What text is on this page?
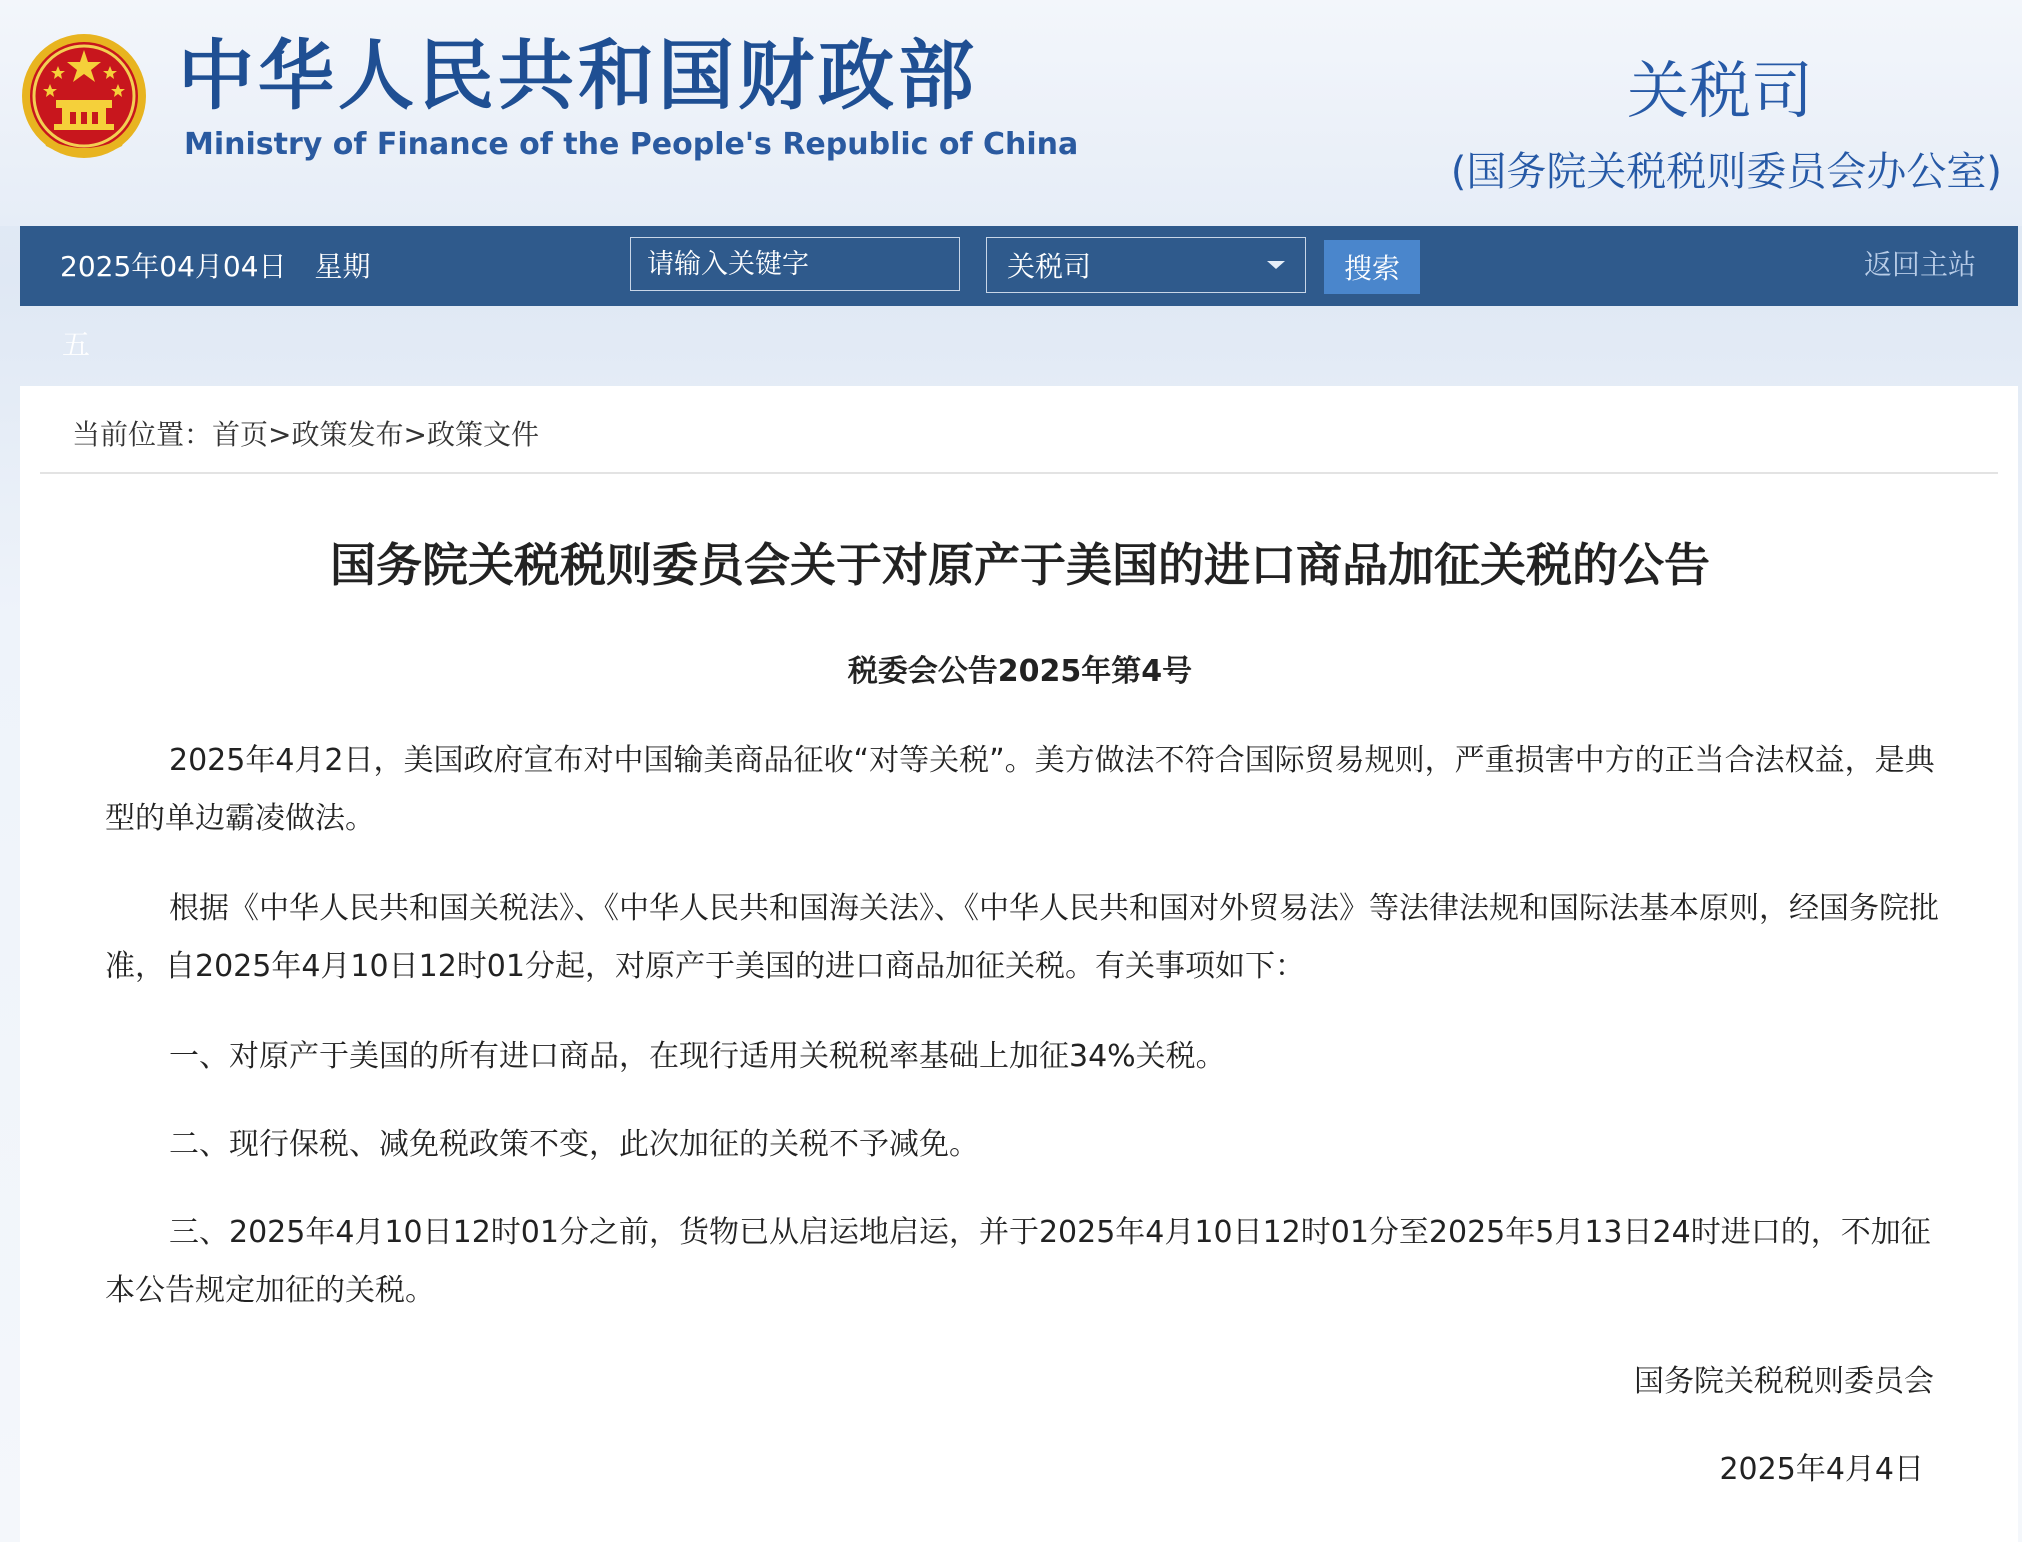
中华人民共和国财政部
Ministry of Finance of the People's Republic of China
关税司
(国务院关税税则委员会办公室)
2025年04月04日　星期
请输入关键字	关税司	搜索	返回主站
五
当前位置：首页>政策发布>政策文件
国务院关税税则委员会关于对原产于美国的进口商品加征关税的公告
税委会公告2025年第4号

2025年4月2日，美国政府宣布对中国输美商品征收“对等关税”。美方做法不符合国际贸易规则，严重损害中方的正当合法权益，是典型的单边霸凌做法。

根据《中华人民共和国关税法》、《中华人民共和国海关法》、《中华人民共和国对外贸易法》等法律法规和国际法基本原则，经国务院批准，自2025年4月10日12时01分起，对原产于美国的进口商品加征关税。有关事项如下：

一、对原产于美国的所有进口商品，在现行适用关税税率基础上加征34%关税。

二、现行保税、减免税政策不变，此次加征的关税不予减免。

三、2025年4月10日12时01分之前，货物已从启运地启运，并于2025年4月10日12时01分至2025年5月13日24时进口的，不加征本公告规定加征的关税。

国务院关税税则委员会
2025年4月4日
